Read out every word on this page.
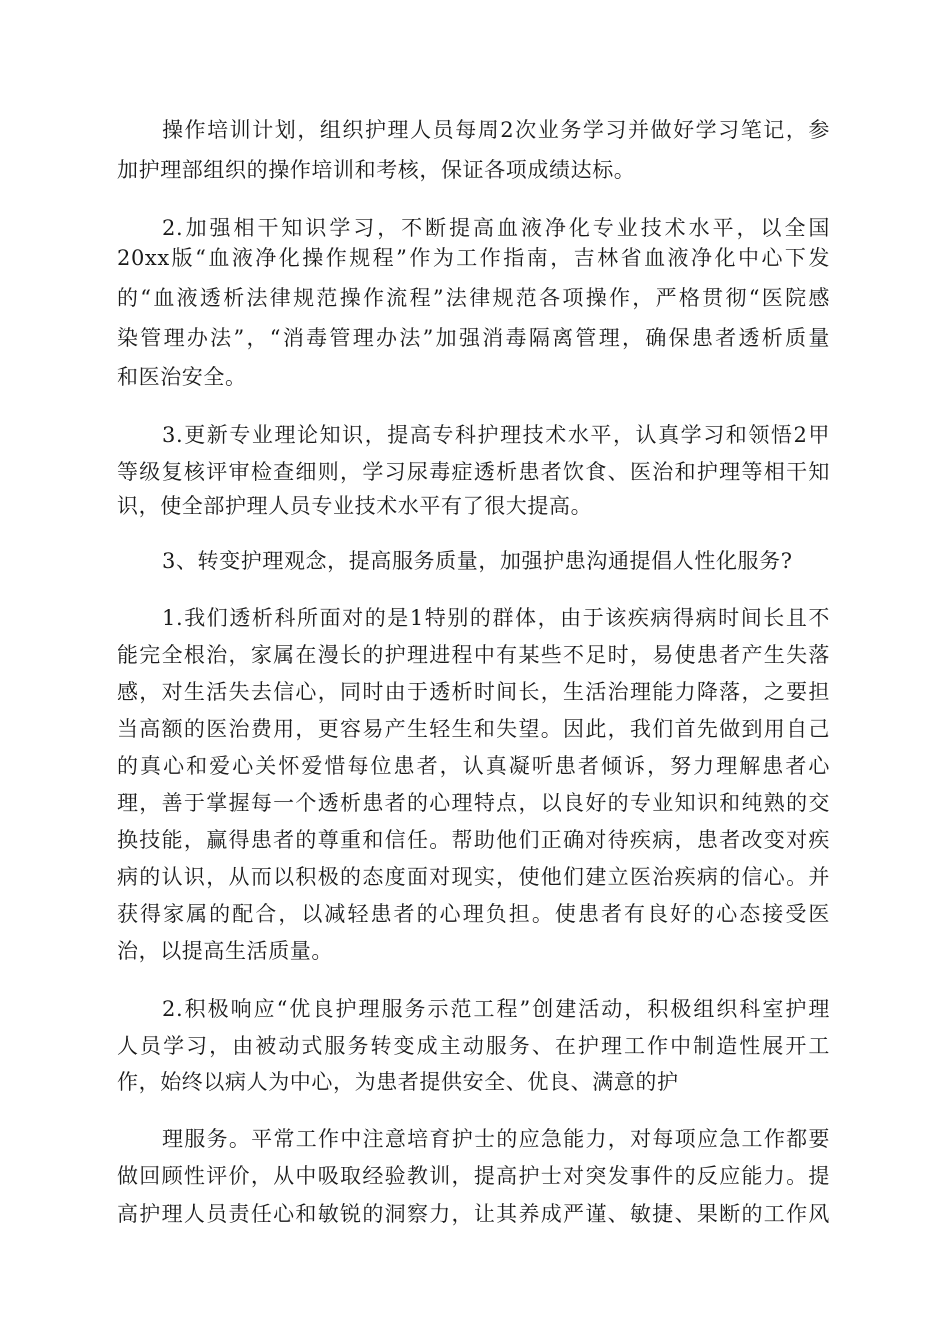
操作培训计划，组织护理人员每周2次业务学习并做好学习笔记，参
加护理部组织的操作培训和考核，保证各项成绩达标。
2.加强相干知识学习，不断提高血液净化专业技术水平，以全国
20xx版“血液净化操作规程”作为工作指南，吉林省血液净化中心下发
的“血液透析法律规范操作流程”法律规范各项操作，严格贯彻“医院感
染管理办法”，“消毒管理办法”加强消毒隔离管理，确保患者透析质量
和医治安全。
3.更新专业理论知识，提高专科护理技术水平，认真学习和领悟2甲
等级复核评审检查细则，学习尿毒症透析患者饮食、医治和护理等相干知
识，使全部护理人员专业技术水平有了很大提高。
3、转变护理观念，提高服务质量，加强护患沟通提倡人性化服务?
1.我们透析科所面对的是1特别的群体，由于该疾病得病时间长且不
能完全根治，家属在漫长的护理进程中有某些不足时，易使患者产生失落
感，对生活失去信心，同时由于透析时间长，生活治理能力降落，之要担
当高额的医治费用，更容易产生轻生和失望。因此，我们首先做到用自己
的真心和爱心关怀爱惜每位患者，认真凝听患者倾诉，努力理解患者心
理，善于掌握每一个透析患者的心理特点，以良好的专业知识和纯熟的交
换技能，赢得患者的尊重和信任。帮助他们正确对待疾病，患者改变对疾
病的认识，从而以积极的态度面对现实，使他们建立医治疾病的信心。并
获得家属的配合，以减轻患者的心理负担。使患者有良好的心态接受医
治，以提高生活质量。
2.积极响应“优良护理服务示范工程”创建活动，积极组织科室护理
人员学习，由被动式服务转变成主动服务、在护理工作中制造性展开工
作，始终以病人为中心，为患者提供安全、优良、满意的护
理服务。平常工作中注意培育护士的应急能力，对每项应急工作都要
做回顾性评价，从中吸取经验教训，提高护士对突发事件的反应能力。提
高护理人员责任心和敏锐的洞察力，让其养成严谨、敏捷、果断的工作风
